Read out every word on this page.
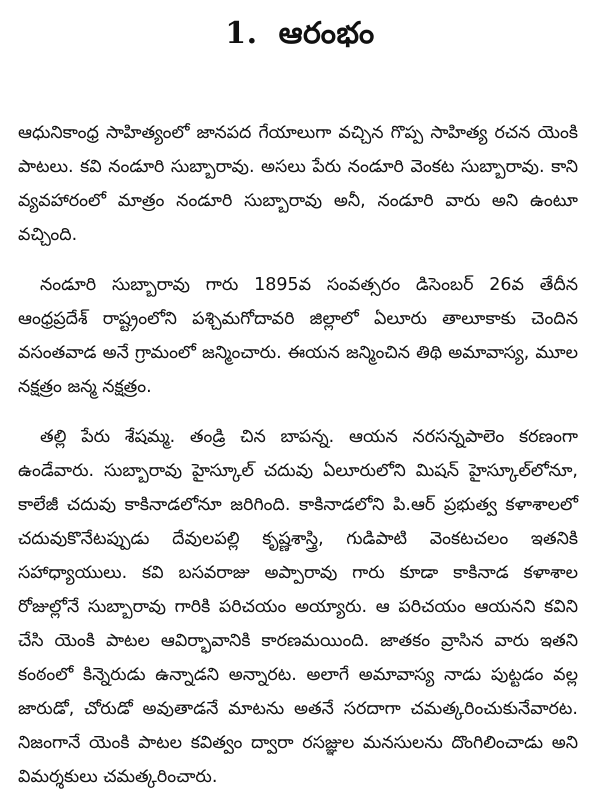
1. ఆరంభం

ఆధునికాంధ్ర సాహిత్యంలో జానపద గేయాలుగా వచ్చిన గొప్ప సాహిత్య రచన యెంకి పాటలు. కవి నండూరి సుబ్బారావు. అసలు పేరు నండూరి వెంకట సుబ్బారావు. కాని వ్యవహారంలో మాత్రం నండూరి సుబ్బారావు అనీ, నండూరి వారు అని ఉంటూ వచ్చింది.

నండూరి సుబ్బారావు గారు 1895వ సంవత్సరం డిసెంబర్ 26వ తేదీన ఆంధ్రప్రదేశ్ రాష్ట్రంలోని పశ్చిమగోదావరి జిల్లాలో ఏలూరు తాలూకాకు చెందిన వసంతవాడ అనే గ్రామంలో జన్మించారు. ఈయన జన్మించిన తిథి అమావాస్య, మూల నక్షత్రం జన్మ నక్షత్రం.

తల్లి పేరు శేషమ్మ. తండ్రి చిన బాపన్న. ఆయన నరసన్నపాలెం కరణంగా ఉండేవారు. సుబ్బారావు హైస్కూల్ చదువు ఏలూరులోని మిషన్ హైస్కూల్‌లోనూ, కాలేజీ చదువు కాకినాడలోనూ జరిగింది. కాకినాడలోని పి.ఆర్ ప్రభుత్వ కళాశాలలో చదువుకొనేటప్పుడు దేవులపల్లి కృష్ణశాస్త్రి, గుడిపాటి వెంకటచలం ఇతనికి సహాధ్యాయులు. కవి బసవరాజు అప్పారావు గారు కూడా కాకినాడ కళాశాల రోజుల్లోనే సుబ్బారావు గారికి పరిచయం అయ్యారు. ఆ పరిచయం ఆయనని కవిని చేసి యెంకి పాటల ఆవిర్భావానికి కారణమయింది. జాతకం వ్రాసిన వారు ఇతని కంఠంలో కిన్నెరుడు ఉన్నాడని అన్నారట. అలాగే అమావాస్య నాడు పుట్టడం వల్ల జారుడో, చోరుడో అవుతాడనే మాటను అతనే సరదాగా చమత్కరించుకునేవారట. నిజంగానే యెంకి పాటల కవిత్వం ద్వారా రసజ్ఞుల మనసులను దొంగిలించాడు అని విమర్శకులు చమత్కరించారు.
